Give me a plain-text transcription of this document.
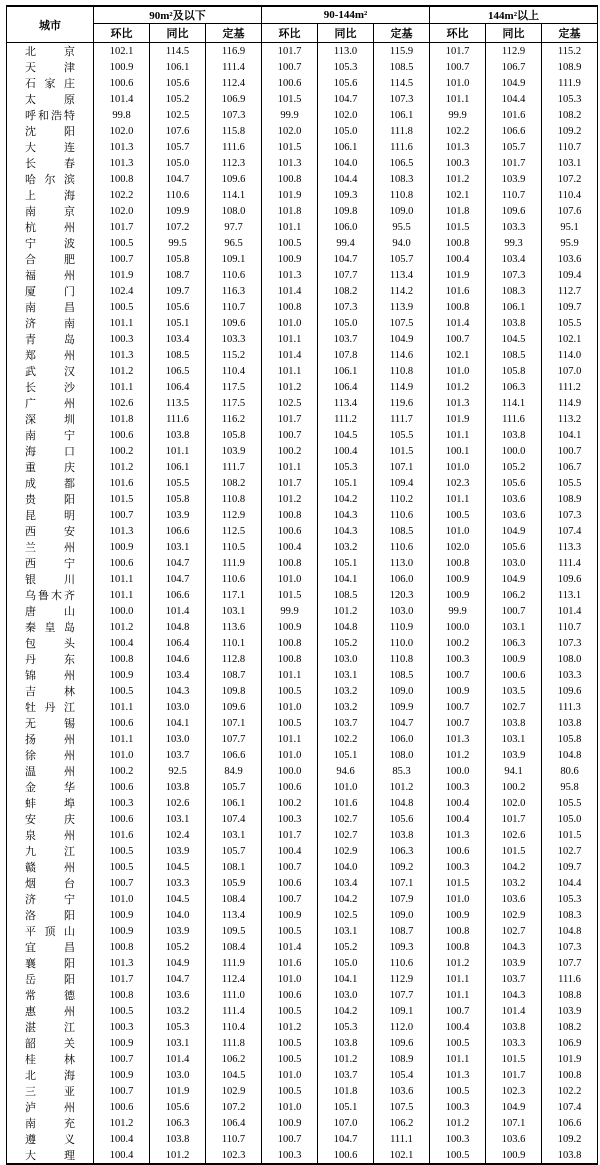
城市	90m²及以下			90-144m²			144m²以上		
	环比	同比	定基	环比	同比	定基	环比	同比	定基

北 京	102.1	114.5	116.9	101.7	113.0	115.9	101.7	112.9	115.2

天 津	100.9	106.1	111.4	100.7	105.3	108.5	100.7	106.7	108.9

石 家 庄	100.6	105.6	112.4	100.6	105.6	114.5	101.0	104.9	111.9

太 原	101.4	105.2	106.9	101.5	104.7	107.3	101.1	104.4	105.3

呼 和 浩 特	99.8	102.5	107.3	99.9	102.0	106.1	99.9	101.6	108.2

沈 阳	102.0	107.6	115.8	102.0	105.0	111.8	102.2	106.6	109.2

大 连	101.3	105.7	111.6	101.5	106.1	111.6	101.3	105.7	110.7

长 春	101.3	105.0	112.3	101.3	104.0	106.5	100.3	101.7	103.1

哈 尔 滨	100.8	104.7	109.6	100.8	104.4	108.3	101.2	103.9	107.2

上 海	102.2	110.6	114.1	101.9	109.3	110.8	102.1	110.7	110.4

南 京	102.0	109.9	108.0	101.8	109.8	109.0	101.8	109.6	107.6

杭 州	101.7	107.2	97.7	101.1	106.0	95.5	101.5	103.3	95.1

宁 波	100.5	99.5	96.5	100.5	99.4	94.0	100.8	99.3	95.9

合 肥	100.7	105.8	109.1	100.9	104.7	105.7	100.4	103.4	103.6

福 州	101.9	108.7	110.6	101.3	107.7	113.4	101.9	107.3	109.4

厦 门	102.4	109.7	116.3	101.4	108.2	114.2	101.6	108.3	112.7

南 昌	100.5	105.6	110.7	100.8	107.3	113.9	100.8	106.1	109.7

济 南	101.1	105.1	109.6	101.0	105.0	107.5	101.4	103.8	105.5

青 岛	100.3	103.4	103.3	101.1	103.7	104.9	100.7	104.5	102.1

郑 州	101.3	108.5	115.2	101.4	107.8	114.6	102.1	108.5	114.0

武 汉	101.2	106.5	110.4	101.1	106.1	110.8	101.0	105.8	107.0

长 沙	101.1	106.4	117.5	101.2	106.4	114.9	101.2	106.3	111.2

广 州	102.6	113.5	117.5	102.5	113.4	119.6	101.3	114.1	114.9

深 圳	101.8	111.6	116.2	101.7	111.2	111.7	101.9	111.6	113.2

南 宁	100.6	103.8	105.8	100.7	104.5	105.5	101.1	103.8	104.1

海 口	100.2	101.1	103.9	100.2	100.4	101.5	100.1	100.0	100.7

重 庆	101.2	106.1	111.7	101.1	105.3	107.1	101.0	105.2	106.7

成 都	101.6	105.5	108.2	101.7	105.1	109.4	102.3	105.6	105.5

贵 阳	101.5	105.8	110.8	101.2	104.2	110.2	101.1	103.6	108.9

昆 明	100.7	103.9	112.9	100.8	104.3	110.6	100.5	103.6	107.3

西 安	101.3	106.6	112.5	100.6	104.3	108.5	101.0	104.9	107.4

兰 州	100.9	103.1	110.5	100.4	103.2	110.6	102.0	105.6	113.3

西 宁	100.6	104.7	111.9	100.8	105.1	113.0	100.8	103.0	111.4

银 川	101.1	104.7	110.6	101.0	104.1	106.0	100.9	104.9	109.6

乌 鲁 木 齐	101.1	106.6	117.1	101.5	108.5	120.3	100.9	106.2	113.1

唐 山	100.0	101.4	103.1	99.9	101.2	103.0	99.9	100.7	101.4

秦 皇 岛	101.2	104.8	113.6	100.9	104.8	110.9	100.0	103.1	110.7

包 头	100.4	106.4	110.1	100.8	105.2	110.0	100.2	106.3	107.3

丹 东	100.8	104.6	112.8	100.8	103.0	110.8	100.3	100.9	108.0

锦 州	100.9	103.4	108.7	101.1	103.1	108.5	100.7	100.6	103.3

吉 林	100.5	104.3	109.8	100.5	103.2	109.0	100.9	103.5	109.6

牡 丹 江	101.1	103.0	109.6	101.0	103.2	109.9	100.7	102.7	111.3

无 锡	100.6	104.1	107.1	100.5	103.7	104.7	100.7	103.8	103.8

扬 州	101.1	103.0	107.7	101.1	102.2	106.0	101.3	103.1	105.8

徐 州	101.0	103.7	106.6	101.0	105.1	108.0	101.2	103.9	104.8

温 州	100.2	92.5	84.9	100.0	94.6	85.3	100.0	94.1	80.6

金 华	100.6	103.8	105.7	100.6	101.0	101.2	100.3	100.2	95.8

蚌 埠	100.3	102.6	106.1	100.2	101.6	104.8	100.4	102.0	105.5

安 庆	100.6	103.1	107.4	100.3	102.7	105.6	100.4	101.7	105.0

泉 州	101.6	102.4	103.1	101.7	102.7	103.8	101.3	102.6	101.5

九 江	100.5	103.9	105.7	100.4	102.9	106.3	100.6	101.5	102.7

赣 州	100.5	104.5	108.1	100.7	104.0	109.2	100.3	104.2	109.7

烟 台	100.7	103.3	105.9	100.6	103.4	107.1	101.5	103.2	104.4

济 宁	101.0	104.5	108.4	100.7	104.2	107.9	101.0	103.6	105.3

洛 阳	100.9	104.0	113.4	100.9	102.5	109.0	100.9	102.9	108.3

平 顶 山	100.9	103.9	109.5	100.5	103.1	108.7	100.8	102.7	104.8

宜 昌	100.8	105.2	108.4	101.4	105.2	109.3	100.8	104.3	107.3

襄 阳	101.3	104.9	111.9	101.6	105.0	110.6	101.2	103.9	107.7

岳 阳	101.7	104.7	112.4	101.0	104.1	112.9	101.1	103.7	111.6

常 德	100.8	103.6	111.0	100.6	103.0	107.7	101.1	104.3	108.8

惠 州	100.5	103.2	111.4	100.5	104.2	109.1	100.7	101.4	103.9

湛 江	100.3	105.3	110.4	101.2	105.3	112.0	100.4	103.8	108.2

韶 关	100.9	103.1	111.8	100.5	103.8	109.6	100.5	103.3	106.9

桂 林	100.7	101.4	106.2	100.5	101.2	108.9	101.1	101.5	101.9

北 海	100.9	103.0	104.5	101.0	103.7	105.4	101.3	101.7	100.8

三 亚	100.7	101.9	102.9	100.5	101.8	103.6	100.5	102.3	102.2

泸 州	100.6	105.6	107.2	101.0	105.1	107.5	100.3	104.9	107.4

南 充	101.2	106.3	106.4	100.9	107.0	106.2	101.2	107.1	106.6

遵 义	100.4	103.8	110.7	100.7	104.7	111.1	100.3	103.6	109.2

大 理	100.4	101.2	102.3	100.3	100.6	102.1	100.5	100.9	103.8
